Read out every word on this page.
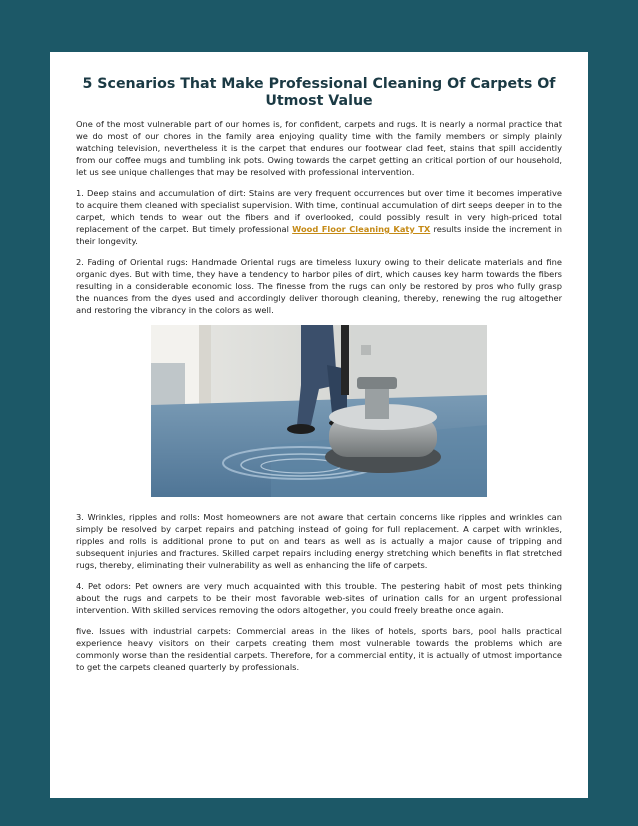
5 Scenarios That Make Professional Cleaning Of Carpets Of Utmost Value

One of the most vulnerable part of our homes is, for confident, carpets and rugs. It is nearly a normal practice that we do most of our chores in the family area enjoying quality time with the family members or simply plainly watching television, nevertheless it is the carpet that endures our footwear clad feet, stains that spill accidently from our coffee mugs and tumbling ink pots. Owing towards the carpet getting an critical portion of our household, let us see unique challenges that may be resolved with professional intervention.

1. Deep stains and accumulation of dirt: Stains are very frequent occurrences but over time it becomes imperative to acquire them cleaned with specialist supervision. With time, continual accumulation of dirt seeps deeper in to the carpet, which tends to wear out the fibers and if overlooked, could possibly result in very high-priced total replacement of the carpet. But timely professional Wood Floor Cleaning Katy TX results inside the increment in their longevity.

2. Fading of Oriental rugs: Handmade Oriental rugs are timeless luxury owing to their delicate materials and fine organic dyes. But with time, they have a tendency to harbor piles of dirt, which causes key harm towards the fibers resulting in a considerable economic loss. The finesse from the rugs can only be restored by pros who fully grasp the nuances from the dyes used and accordingly deliver thorough cleaning, thereby, renewing the rug altogether and restoring the vibrancy in the colors as well.

3. Wrinkles, ripples and rolls: Most homeowners are not aware that certain concerns like ripples and wrinkles can simply be resolved by carpet repairs and patching instead of going for full replacement. A carpet with wrinkles, ripples and rolls is additional prone to put on and tears as well as is actually a major cause of tripping and subsequent injuries and fractures. Skilled carpet repairs including energy stretching which benefits in flat stretched rugs, thereby, eliminating their vulnerability as well as enhancing the life of carpets.

4. Pet odors: Pet owners are very much acquainted with this trouble. The pestering habit of most pets thinking about the rugs and carpets to be their most favorable web-sites of urination calls for an urgent professional intervention. With skilled services removing the odors altogether, you could freely breathe once again.

five. Issues with industrial carpets: Commercial areas in the likes of hotels, sports bars, pool halls practical experience heavy visitors on their carpets creating them most vulnerable towards the problems which are commonly worse than the residential carpets. Therefore, for a commercial entity, it is actually of utmost importance to get the carpets cleaned quarterly by professionals.
